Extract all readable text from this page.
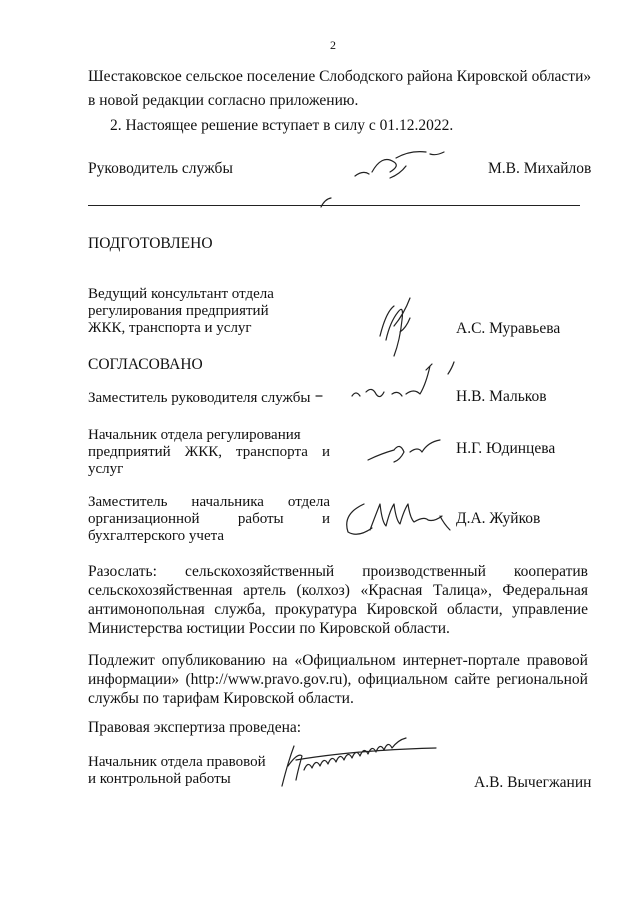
2
Шестаковское сельское поселение Слободского района Кировской области»
в новой редакции согласно приложению.
2. Настоящее решение вступает в силу с 01.12.2022.
Руководитель службы	М.В. Михайлов
ПОДГОТОВЛЕНО
Ведущий консультант отдела
регулирования предприятий
ЖКК, транспорта и услуг	А.С. Муравьева
СОГЛАСОВАНО
Заместитель руководителя службы	Н.В. Мальков
Начальник отдела регулирования
предприятий ЖКК, транспорта и
услуг
Н.Г. Юдинцева
Заместитель начальника отдела
организационной	работы	и
бухгалтерского учета
Д.А. Жуйков
Разослать: сельскохозяйственный производственный кооператив
сельскохозяйственная артель (колхоз) «Красная Талица», Федеральная
антимонопольная служба, прокуратура Кировской области, управление
Министерства юстиции России по Кировской области.
Подлежит опубликованию на «Официальном интернет-портале правовой
информации» (http://www.pravo.gov.ru), официальном сайте региональной
службы по тарифам Кировской области.
Правовая экспертиза проведена:
Начальник отдела правовой
и контрольной работы	А.В. Вычегжанин
